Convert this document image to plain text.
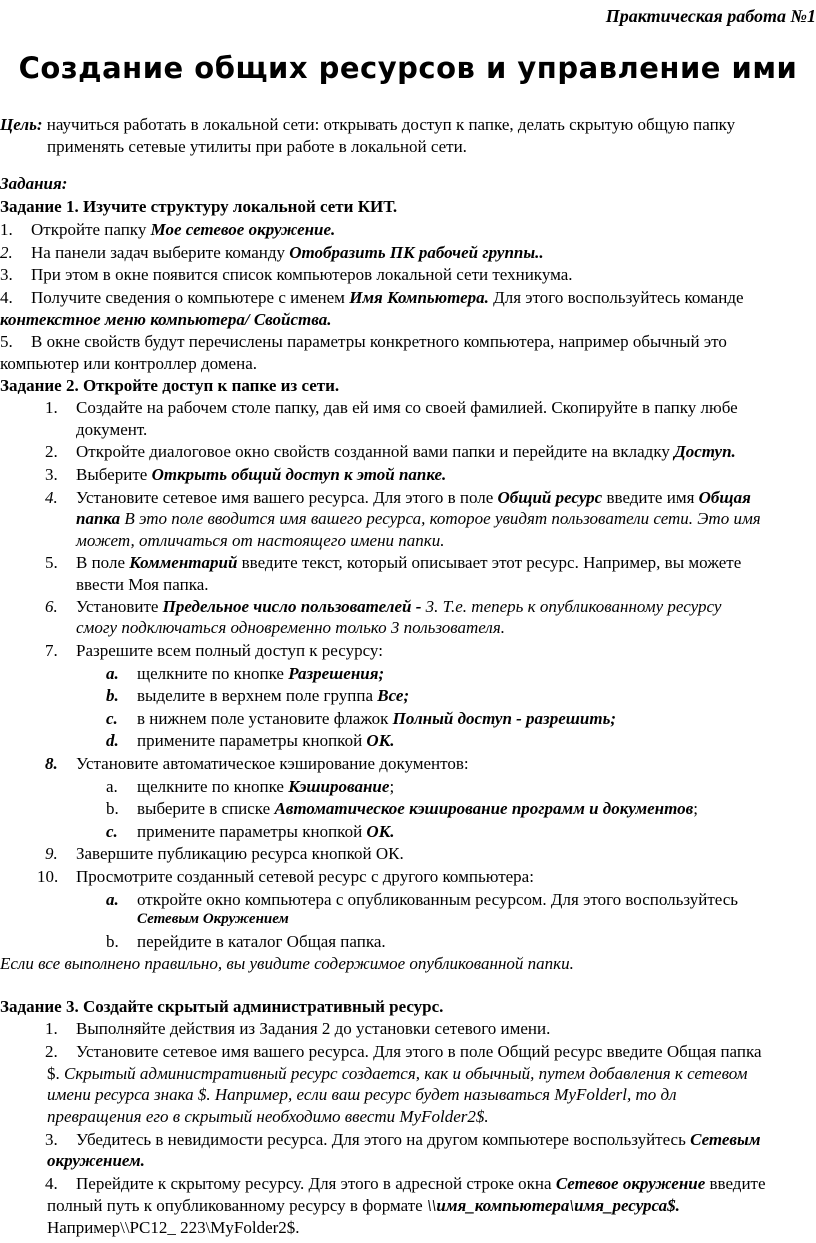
Практическая работа №1
Создание общих ресурсов и управление ими
Цель: научиться работать в локальной сети: открывать доступ к папке, делать скрытую общую папку
применять сетевые утилиты при работе в локальной сети.
Задания:
Задание 1. Изучите структуру локальной сети КИТ.
1. Откройте папку Мое сетевое окружение.
2. На панели задач выберите команду Отобразить ПК рабочей группы..
3. При этом в окне появится список компьютеров локальной сети техникума.
4. Получите сведения о компьютере с именем Имя Компьютера. Для этого воспользуйтесь команде
контекстное меню компьютера/ Свойства.
5. В окне свойств будут перечислены параметры конкретного компьютера, например обычный это
компьютер или контроллер домена.
Задание 2. Откройте доступ к папке из сети.
1. Создайте на рабочем столе папку, дав ей имя со своей фамилией. Скопируйте в папку любе
документ.
2. Откройте диалоговое окно свойств созданной вами папки и перейдите на вкладку Доступ.
3. Выберите Открыть общий доступ к этой папке.
4. Установите сетевое имя вашего ресурса. Для этого в поле Общий ресурс введите имя Общая
папка В это поле вводится имя вашего ресурса, которое увидят пользователи сети. Это имя
может, отличаться от настоящего имени папки.
5. В поле Комментарий введите текст, который описывает этот ресурс. Например, вы можете
ввести Моя папка.
6. Установите Предельное число пользователей - 3. Т.е. теперь к опубликованному ресурсу
смогу подключаться одновременно только 3 пользователя.
7. Разрешите всем полный доступ к ресурсу:
a. щелкните по кнопке Разрешения;
b. выделите в верхнем поле группа Все;
c. в нижнем поле установите флажок Полный доступ - разрешить;
d. примените параметры кнопкой ОК.
8. Установите автоматическое кэширование документов:
a. щелкните по кнопке Кэширование;
b. выберите в списке Автоматическое кэширование программ и документов;
c. примените параметры кнопкой ОК.
9. Завершите публикацию ресурса кнопкой ОК.
10. Просмотрите созданный сетевой ресурс с другого компьютера:
a. откройте окно компьютера с опубликованным ресурсом. Для этого воспользуйтесь
Сетевым Окружением
b. перейдите в каталог Общая папка.
Если все выполнено правильно, вы увидите содержимое опубликованной папки.
Задание 3. Создайте скрытый административный ресурс.
1. Выполняйте действия из Задания 2 до установки сетевого имени.
2. Установите сетевое имя вашего ресурса. Для этого в поле Общий ресурс введите Общая папка
$. Скрытый административный ресурс создается, как и обычный, путем добавления к сетевом
имени ресурса знака $. Например, если ваш ресурс будет называться MyFolderl, то дл
превращения его в скрытый необходимо ввести MyFolder2$.
3. Убедитесь в невидимости ресурса. Для этого на другом компьютере воспользуйтесь Сетевым
окружением.
4. Перейдите к скрытому ресурсу. Для этого в адресной строке окна Сетевое окружение введите
полный путь к опубликованному ресурсу в формате \\имя_компьютера\имя_ресурса$.
Например\\PC12_ 223\MyFolder2$.
